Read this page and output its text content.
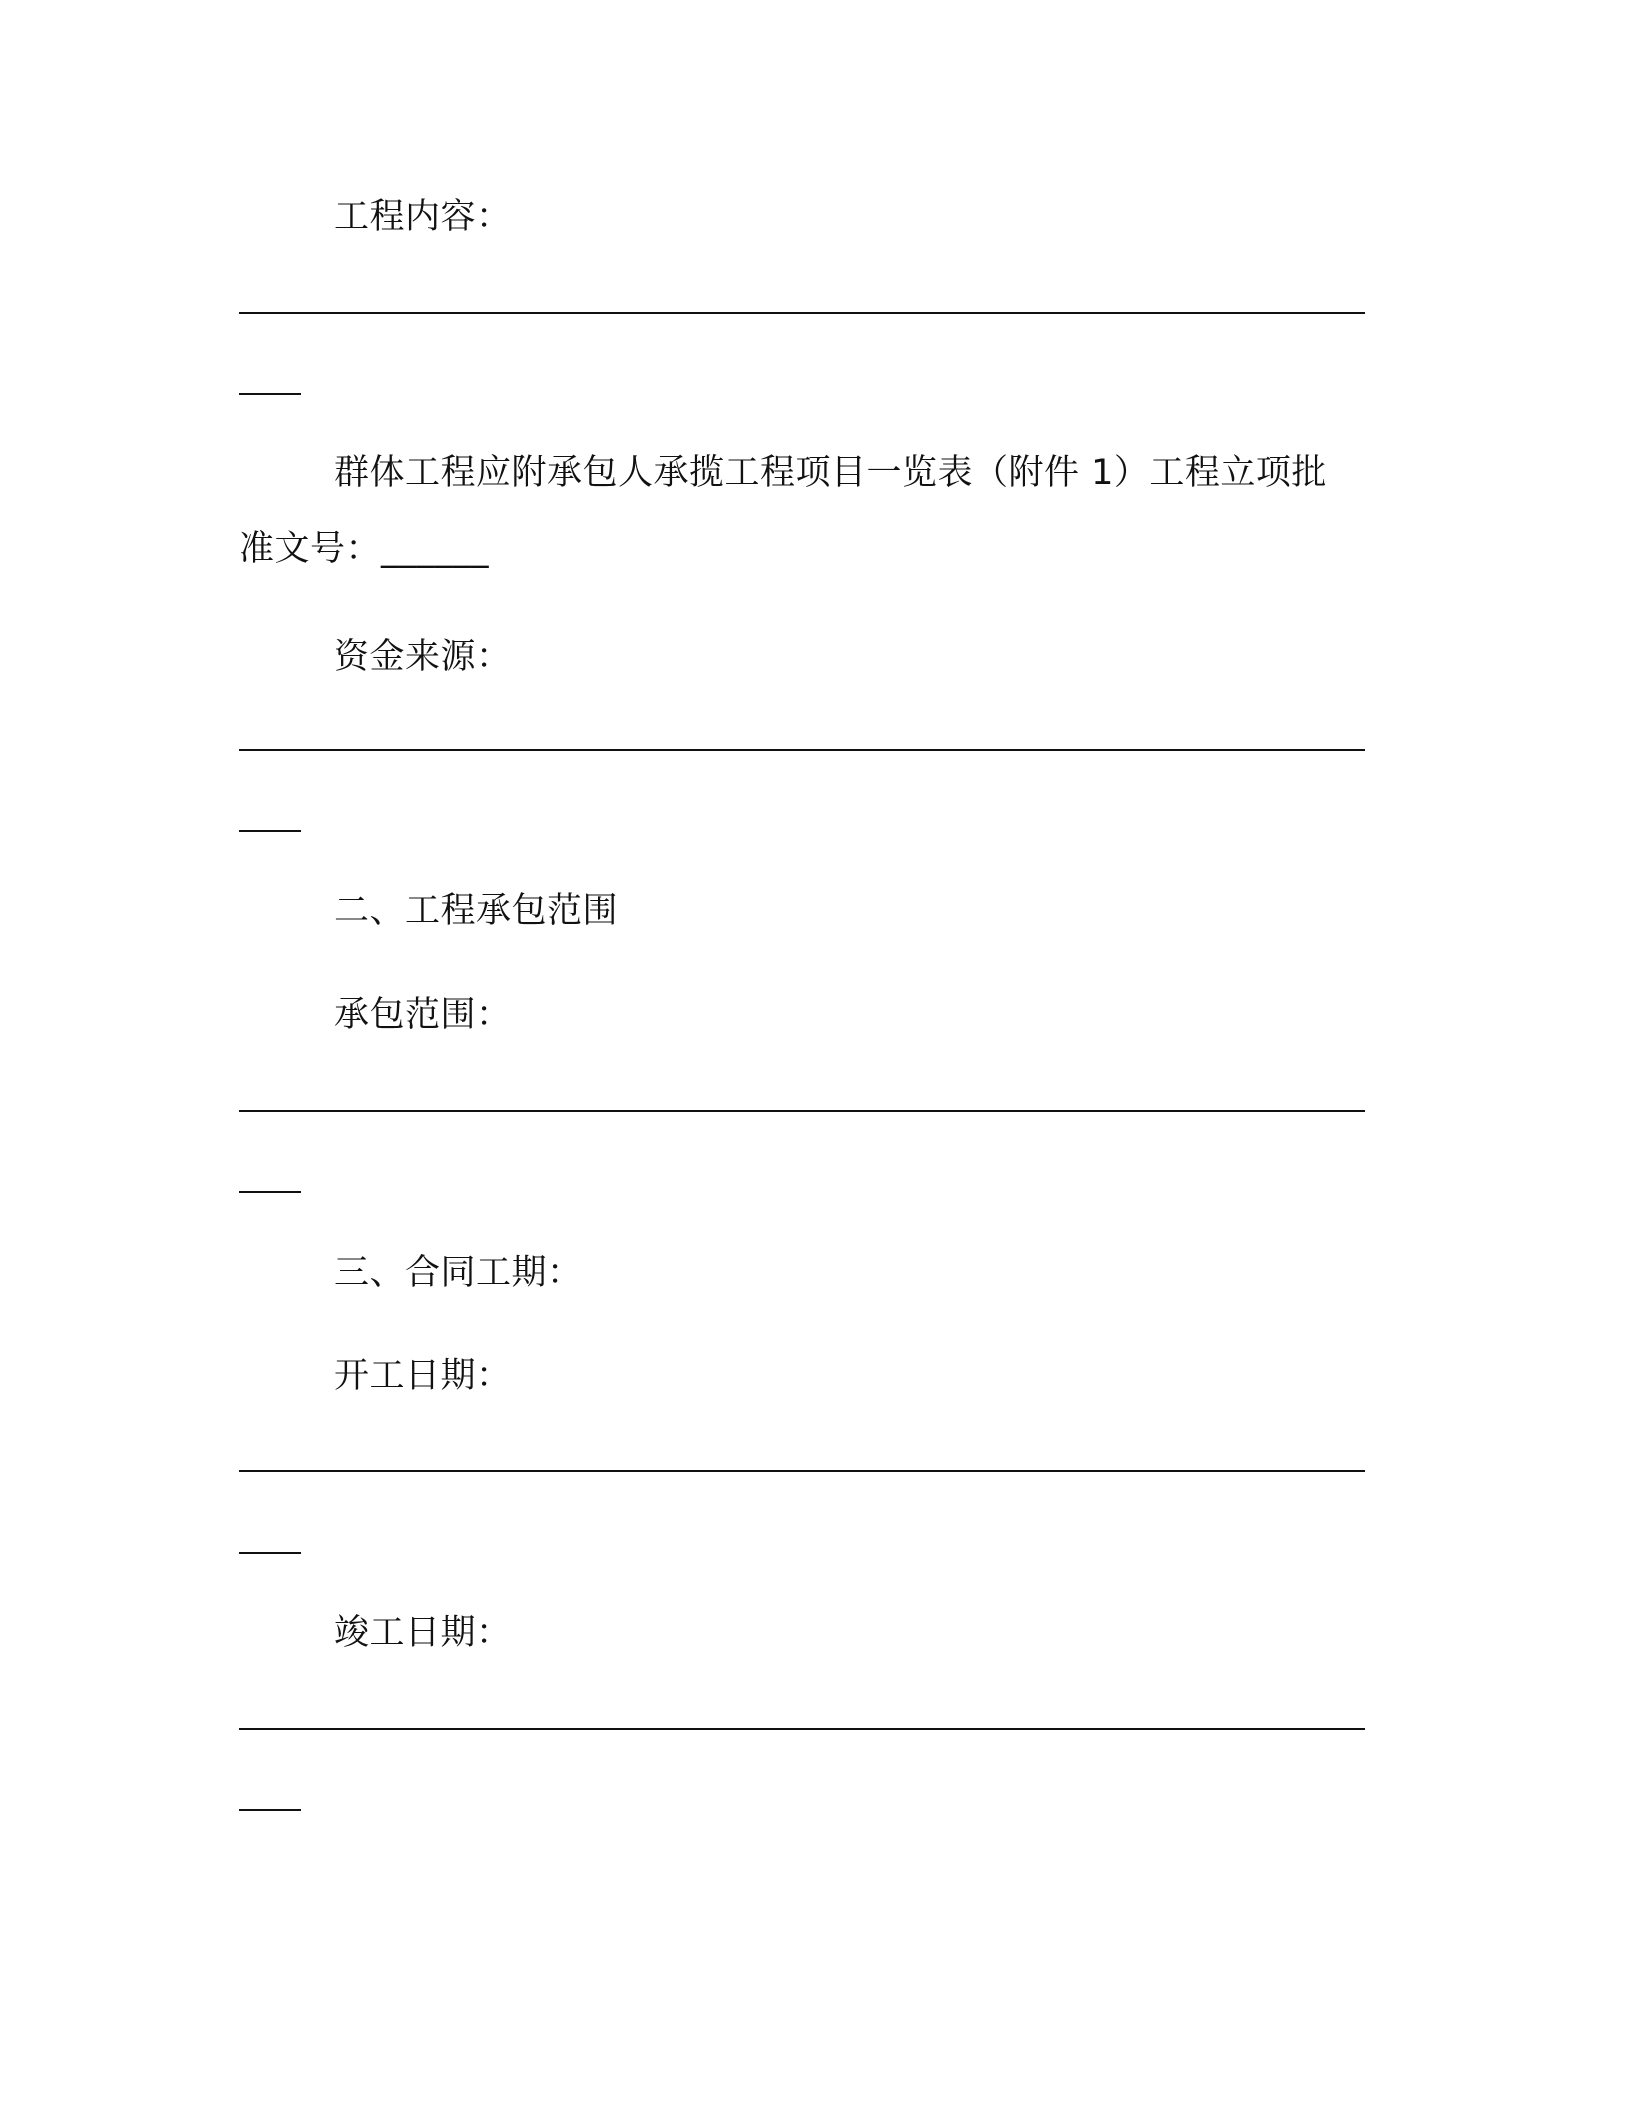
工程内容：
群体工程应附承包人承揽工程项目一览表（附件 1）工程立项批
准文号：______
资金来源：
二、工程承包范围
承包范围：
三、合同工期：
开工日期：
竣工日期：
